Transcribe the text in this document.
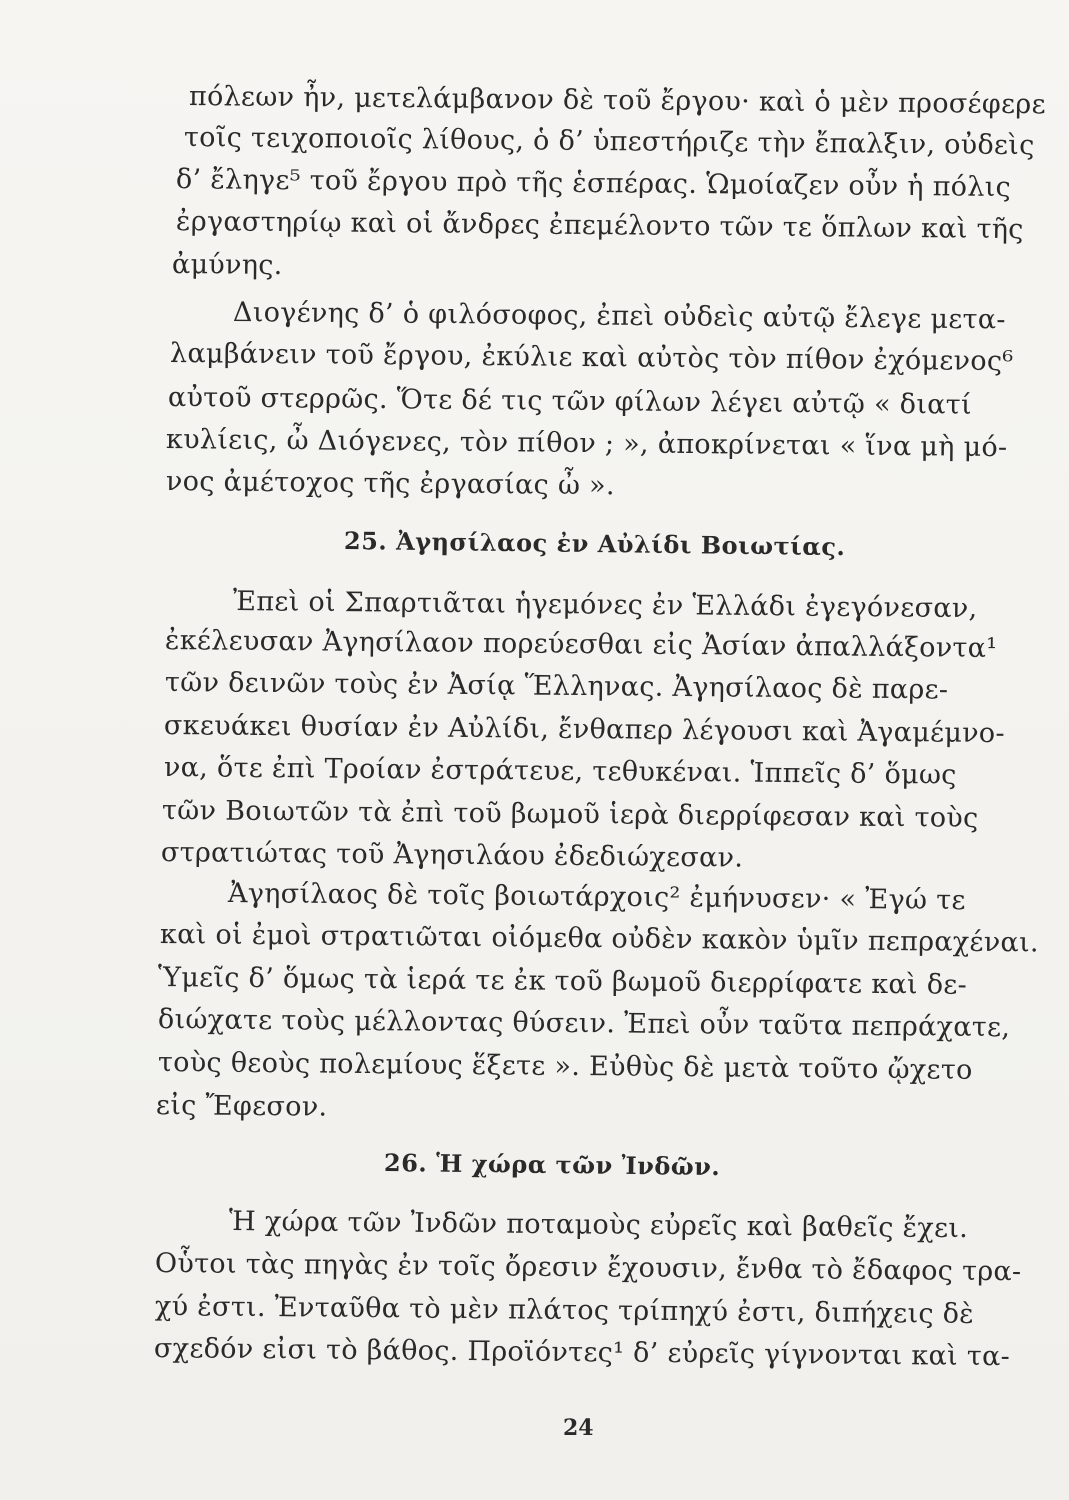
πόλεων ἦν, μετελάμβανον δὲ τοῦ ἔργου· καὶ ὁ μὲν προσέφερε
τοῖς τειχοποιοῖς λίθους, ὁ δ’ ὑπεστήριζε τὴν ἔπαλξιν, οὐδεὶς
δ’ ἔληγε⁵ τοῦ ἔργου πρὸ τῆς ἑσπέρας. Ὡμοίαζεν οὖν ἡ πόλις
ἐργαστηρίῳ καὶ οἱ ἄνδρες ἐπεμέλοντο τῶν τε ὅπλων καὶ τῆς
ἀμύνης.
Διογένης δ’ ὁ φιλόσοφος, ἐπεὶ οὐδεὶς αὐτῷ ἔλεγε μετα-
λαμβάνειν τοῦ ἔργου, ἐκύλιε καὶ αὐτὸς τὸν πίθον ἐχόμενος⁶
αὐτοῦ στερρῶς. Ὅτε δέ τις τῶν φίλων λέγει αὐτῷ « διατί
κυλίεις, ὦ Διόγενες, τὸν πίθον ; », ἀποκρίνεται « ἵνα μὴ μό-
νος ἀμέτοχος τῆς ἐργασίας ὦ ».
25. Ἀγησίλαος ἐν Αὐλίδι Βοιωτίας.
Ἐπεὶ οἱ Σπαρτιᾶται ἡγεμόνες ἐν Ἑλλάδι ἐγεγόνεσαν,
ἐκέλευσαν Ἀγησίλαον πορεύεσθαι εἰς Ἀσίαν ἀπαλλάξοντα¹
τῶν δεινῶν τοὺς ἐν Ἀσίᾳ Ἕλληνας. Ἀγησίλαος δὲ παρε-
σκευάκει θυσίαν ἐν Αὐλίδι, ἔνθαπερ λέγουσι καὶ Ἀγαμέμνο-
να, ὅτε ἐπὶ Τροίαν ἐστράτευε, τεθυκέναι. Ἱππεῖς δ’ ὅμως
τῶν Βοιωτῶν τὰ ἐπὶ τοῦ βωμοῦ ἱερὰ διερρίφεσαν καὶ τοὺς
στρατιώτας τοῦ Ἀγησιλάου ἐδεδιώχεσαν.
Ἀγησίλαος δὲ τοῖς βοιωτάρχοις² ἐμήνυσεν· « Ἐγώ τε
καὶ οἱ ἐμοὶ στρατιῶται οἰόμεθα οὐδὲν κακὸν ὑμῖν πεπραχέναι.
Ὑμεῖς δ’ ὅμως τὰ ἱερά τε ἐκ τοῦ βωμοῦ διερρίφατε καὶ δε-
διώχατε τοὺς μέλλοντας θύσειν. Ἐπεὶ οὖν ταῦτα πεπράχατε,
τοὺς θεοὺς πολεμίους ἕξετε ». Εὐθὺς δὲ μετὰ τοῦτο ᾤχετο
εἰς Ἔφεσον.
26. Ἡ χώρα τῶν Ἰνδῶν.
Ἡ χώρα τῶν Ἰνδῶν ποταμοὺς εὐρεῖς καὶ βαθεῖς ἔχει.
Οὗτοι τὰς πηγὰς ἐν τοῖς ὄρεσιν ἔχουσιν, ἔνθα τὸ ἔδαφος τρα-
χύ ἐστι. Ἐνταῦθα τὸ μὲν πλάτος τρίπηχύ ἐστι, διπήχεις δὲ
σχεδόν εἰσι τὸ βάθος. Προϊόντες¹ δ’ εὐρεῖς γίγνονται καὶ τα-
24
